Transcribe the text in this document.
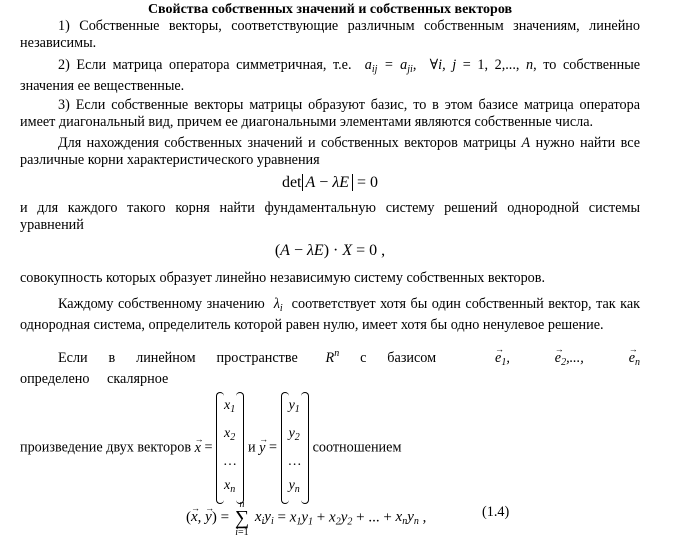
Свойства собственных значений и собственных векторов

1) Собственные векторы, соответствующие различным собственным значениям, линейно независимы.

2) Если матрица оператора симметричная, т.е.  $a_{ij} = a_{ji}$,  ∀i, j = 1, 2,..., n, то собственные значения ее вещественные.

3) Если собственные векторы матрицы образуют базис, то в этом базисе матрица оператора имеет диагональный вид, причем ее диагональными элементами являются собственные числа.

Для нахождения собственных значений и собственных векторов матрицы A нужно найти все различные корни характеристического уравнения

det A − λE = 0

и для каждого такого корня найти фундаментальную систему решений однородной системы уравнений

(A − λE) · X = 0 ,

совокупность которых образует линейно независимую систему собственных векторов.

Каждому собственному значению  $\lambda_i$ соответствует хотя бы один собственный вектор, так как однородная система, определитель которой равен нулю, имеет хотя бы одно ненулевое решение.

Если в линейном пространстве  $R^n$ с базисом	→ $e_1$,	→ $e_2$,...,	→ $e_n$ определено скалярное

произведение двух векторов → $x = x_1$
$x_2$
…
$x_n$ $и \to y = y_1$
$y_2$
…
$y_n$ соотношением
(→ x, → y) = n
∑
i=1 $x_iy_i = x_1y_1 + x_2y_2$ + ... + $x_ny_n$ ,	(1.4)
